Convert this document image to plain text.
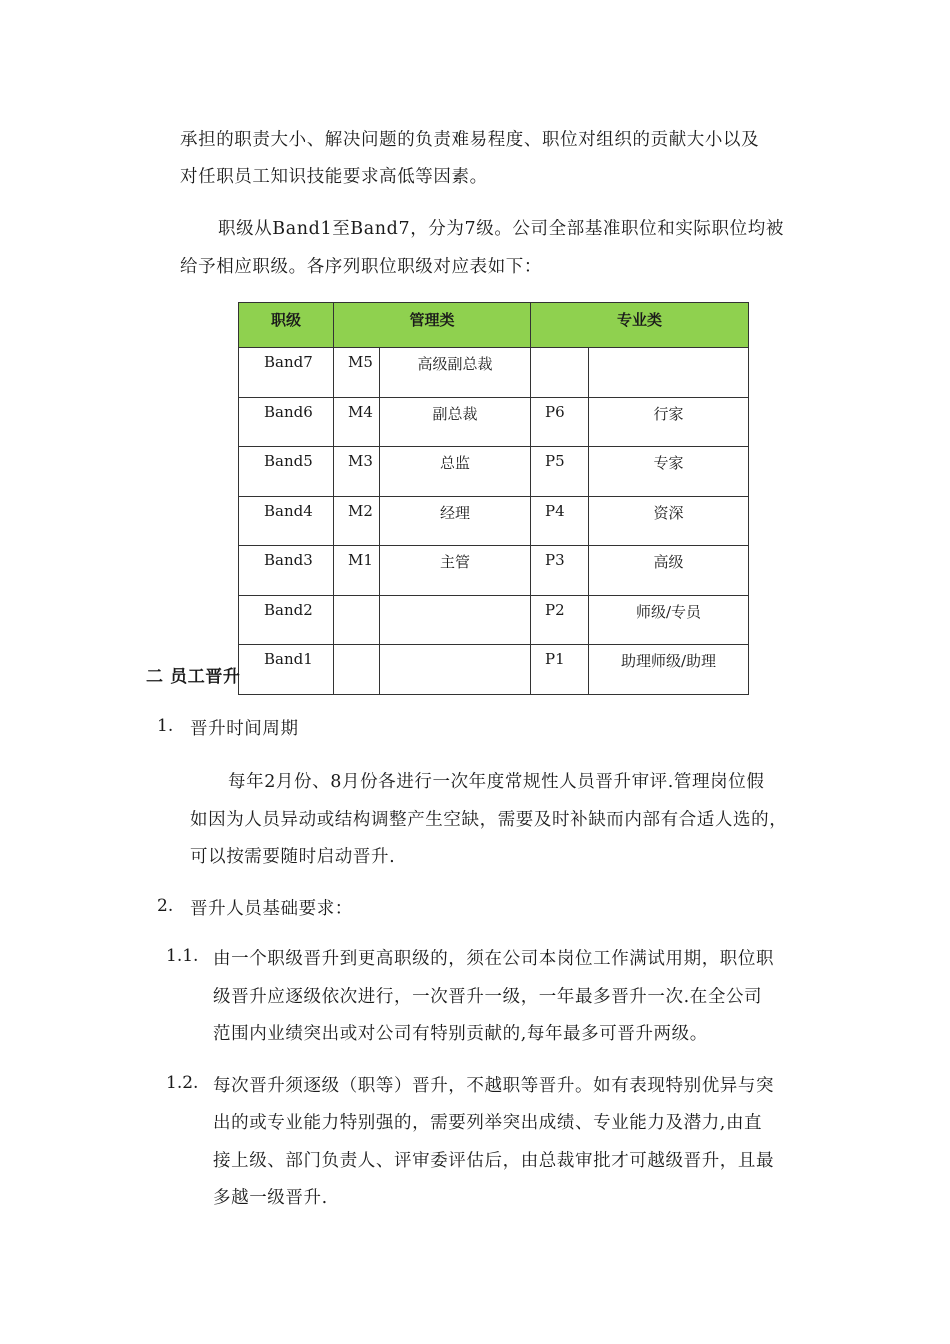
承担的职责大小、解决问题的负责难易程度、职位对组织的贡献大小以及
对任职员工知识技能要求高低等因素。
职级从Band1至Band7，分为7级。公司全部基准职位和实际职位均被
给予相应职级。各序列职位职级对应表如下：
职级	管理类		专业类	
Band7	M5	高级副总裁		
Band6	M4	副总裁	P6	行家
Band5	M3	总监	P5	专家
Band4	M2	经理	P4	资深
Band3	M1	主管	P3	高级
Band2			P2	师级/专员
Band1			P1	助理师级/助理
二 员工晋升
1. 晋升时间周期
每年2月份、8月份各进行一次年度常规性人员晋升审评.管理岗位假
如因为人员异动或结构调整产生空缺，需要及时补缺而内部有合适人选的，
可以按需要随时启动晋升.
2. 晋升人员基础要求：
1.1. 由一个职级晋升到更高职级的，须在公司本岗位工作满试用期，职位职
级晋升应逐级依次进行，一次晋升一级，一年最多晋升一次.在全公司
范围内业绩突出或对公司有特别贡献的,每年最多可晋升两级。
1.2. 每次晋升须逐级（职等）晋升，不越职等晋升。如有表现特别优异与突
出的或专业能力特别强的，需要列举突出成绩、专业能力及潜力,由直
接上级、部门负责人、评审委评估后，由总裁审批才可越级晋升，且最
多越一级晋升.
